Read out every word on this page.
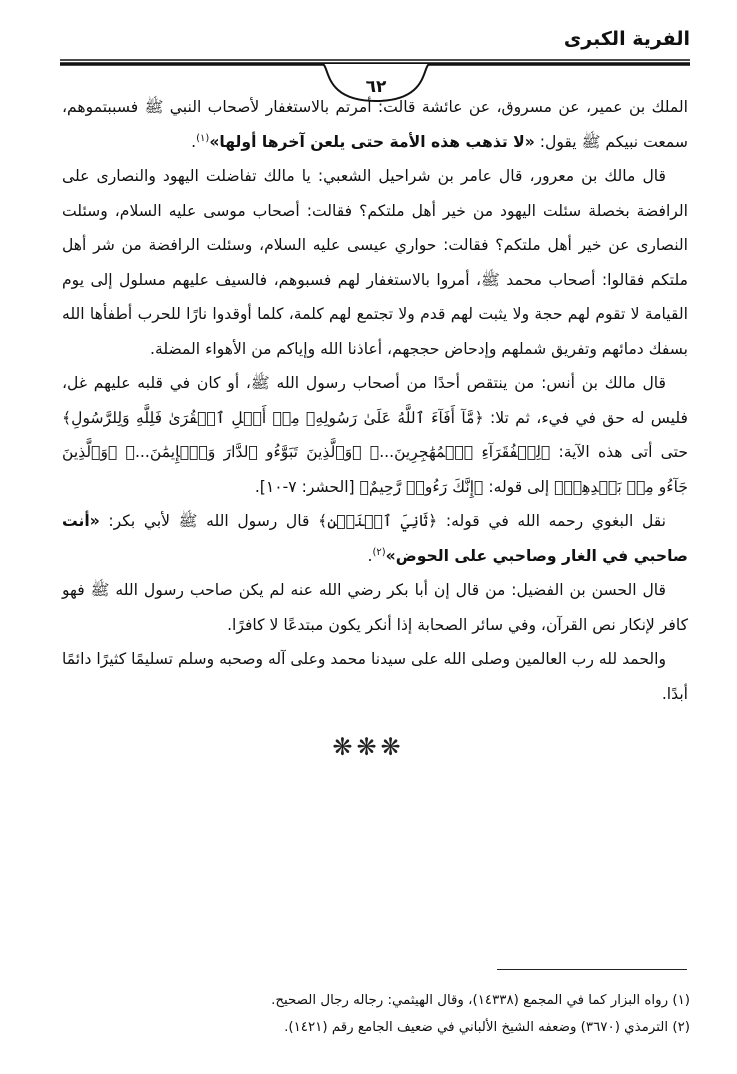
الفرية الكبرى
٦٢

الملك بن عمير، عن مسروق، عن عائشة قالت: أمرتم بالاستغفار لأصحاب النبي ﷺ فسببتموهم، سمعت نبيكم ﷺ يقول: «لا تذهب هذه الأمة حتى يلعن آخرها أولها»$^{(١)}$.

قال مالك بن معرور، قال عامر بن شراحيل الشعبي: يا مالك تفاضلت اليهود والنصارى على الرافضة بخصلة سئلت اليهود من خير أهل ملتكم؟ فقالت: أصحاب موسى عليه السلام، وسئلت النصارى عن خير أهل ملتكم؟ فقالت: حواري عيسى عليه السلام، وسئلت الرافضة من شر أهل ملتكم فقالوا: أصحاب محمد ﷺ، أمروا بالاستغفار لهم فسبوهم، فالسيف عليهم مسلول إلى يوم القيامة لا تقوم لهم حجة ولا يثبت لهم قدم ولا تجتمع لهم كلمة، كلما أوقدوا نارًا للحرب أطفأها الله بسفك دمائهم وتفريق شملهم وإدحاض حججهم، أعاذنا الله وإياكم من الأهواء المضلة.

قال مالك بن أنس: من ينتقص أحدًا من أصحاب رسول الله ﷺ، أو كان في قلبه عليهم غل، فليس له حق في فيء، ثم تلا: ﴿مَّآ أَفَآءَ ٱللَّهُ عَلَىٰ رَسُولِهِۦ مِنۡ أَهۡلِ ٱلۡقُرَىٰ فَلِلَّهِ وَلِلرَّسُولِ﴾ حتى أتى هذه الآية: ﴿لِلۡفُقَرَآءِ ٱلۡمُهَٰجِرِينَ...﴾ ﴿وَٱلَّذِينَ تَبَوَّءُو ٱلدَّارَ وَٱلۡإِيمَٰنَ...﴾ ﴿وَٱلَّذِينَ جَآءُو مِنۢ بَعۡدِهِمۡ﴾ إلى قوله: ﴿إِنَّكَ رَءُوفٞ رَّحِيمٌ﴾ [الحشر: ٧-١٠].

نقل البغوي رحمه الله في قوله: ﴿ثَانِيَ ٱثۡنَيۡنِ﴾ قال رسول الله ﷺ لأبي بكر: «أنت صاحبي في الغار وصاحبي على الحوض»$^{(٢)}$.

قال الحسن بن الفضيل: من قال إن أبا بكر رضي الله عنه لم يكن صاحب رسول الله ﷺ فهو كافر لإنكار نص القرآن، وفي سائر الصحابة إذا أنكر يكون مبتدعًا لا كافرًا.

والحمد لله رب العالمين وصلى الله على سيدنا محمد وعلى آله وصحبه وسلم تسليمًا كثيرًا دائمًا أبدًا.

❋❋❋
(١) رواه البزار كما في المجمع (١٤٣٣٨)، وقال الهيثمي: رجاله رجال الصحيح.
(٢) الترمذي (٣٦٧٠) وضعفه الشيخ الألباني في ضعيف الجامع رقم (١٤٢١).
